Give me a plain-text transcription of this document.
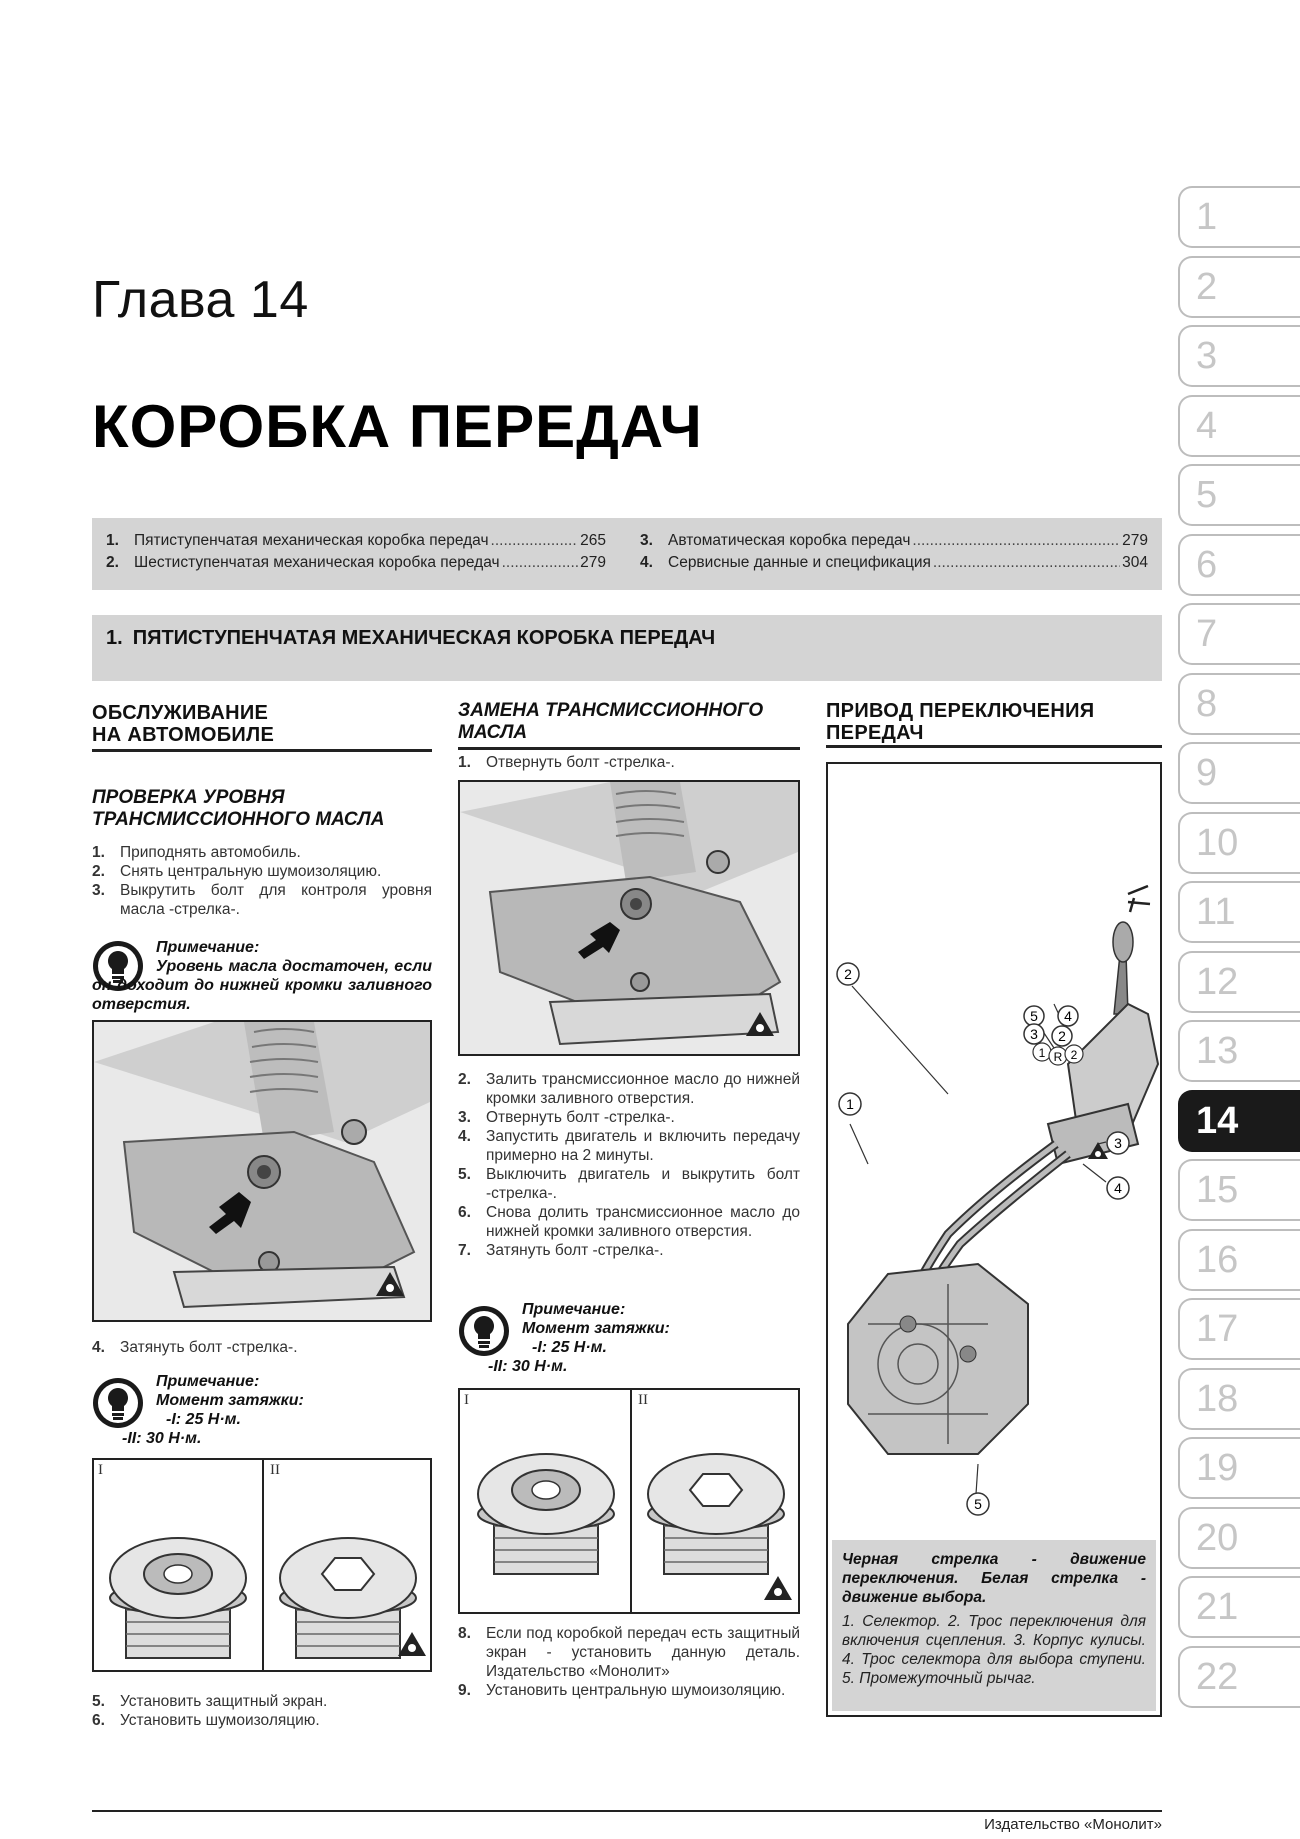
Глава 14
КОРОБКА ПЕРЕДАЧ
1. Пятиступенчатая механическая коробка передач .....	265
2. Шестиступенчатая механическая коробка передач .....	279
3. Автоматическая коробка передач .....	279
4. Сервисные данные и спецификация .....	304
1. ПЯТИСТУПЕНЧАТАЯ МЕХАНИЧЕСКАЯ КОРОБКА ПЕРЕДАЧ
1
2
3
4
5
6
7
8
9
10
11
12
13
14
15
16
17
18
19
20
21
22
ОБСЛУЖИВАНИЕ
НА АВТОМОБИЛЕ
ПРОВЕРКА УРОВНЯ
ТРАНСМИССИОННОГО МАСЛА
1. Приподнять автомобиль.
2. Снять центральную шумоизоляцию.
3. Выкрутить болт для контроля уровня масла -стрелка-.
Примечание:
Уровень масла достаточен, если он доходит до нижней кромки заливного отверстия.
4. Затянуть болт -стрелка-.
Примечание:
Момент затяжки:
-I: 25 Н·м.
-II: 30 Н·м.
I	II
5. Установить защитный экран.
6. Установить шумоизоляцию.
ЗАМЕНА ТРАНСМИССИОННОГО
МАСЛА
1. Отвернуть болт -стрелка-.
2. Залить трансмиссионное масло до нижней кромки заливного отверстия.
3. Отвернуть болт -стрелка-.
4. Запустить двигатель и включить передачу примерно на 2 минуты.
5. Выключить двигатель и выкрутить болт -стрелка-.
6. Снова долить трансмиссионное масло до нижней кромки заливного отверстия.
7. Затянуть болт -стрелка-.
Примечание:
Момент затяжки:
-I: 25 Н·м.
-II: 30 Н·м.
I	II
8. Если под коробкой передач есть защитный экран - установить данную деталь. Издательство «Монолит»
9. Установить центральную шумоизоляцию.
ПРИВОД ПЕРЕКЛЮЧЕНИЯ
ПЕРЕДАЧ
1
2
3
4
5
5 4
2
3
1 R 2
Черная стрелка - движение переключения. Белая стрелка - движение выбора.
1. Селектор. 2. Трос переключения для включения сцепления. 3. Корпус кулисы. 4. Трос селектора для выбора ступени. 5. Промежуточный рычаг.
Издательство «Монолит»
